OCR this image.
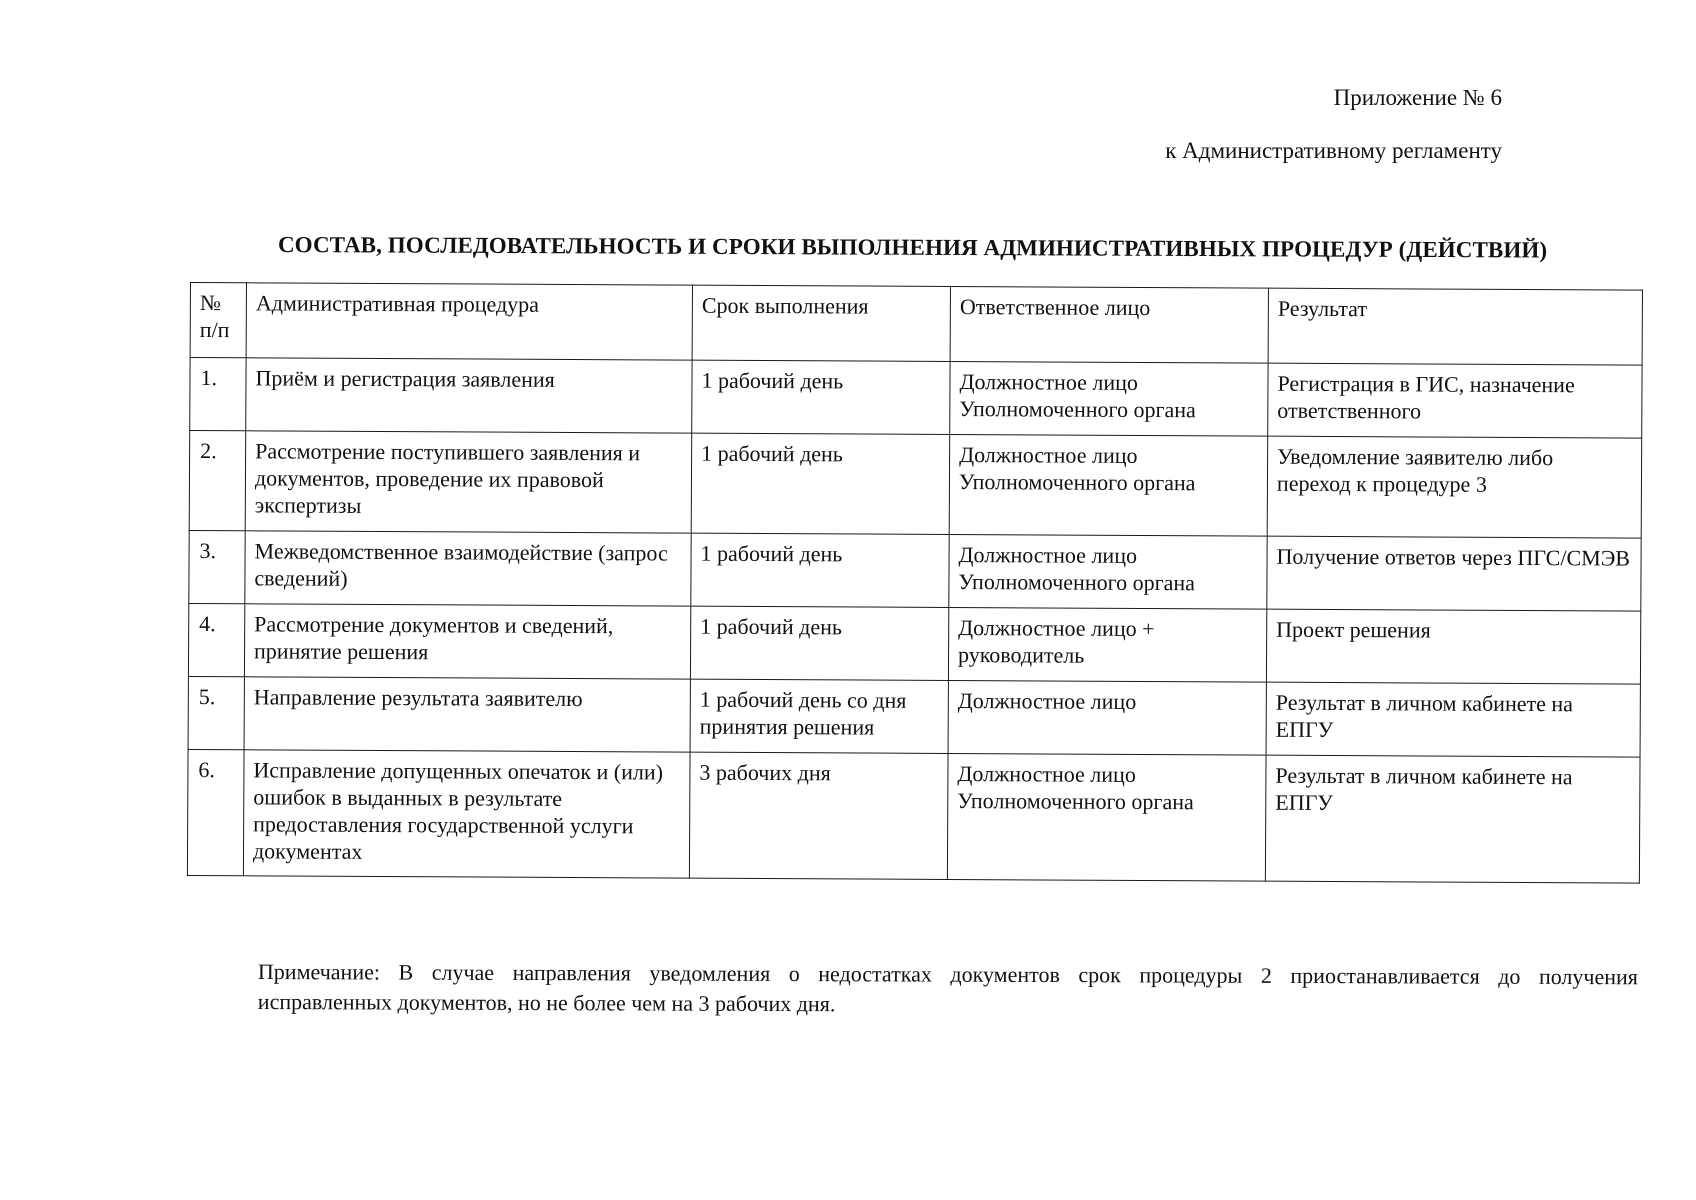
Приложение № 6
к Административному регламенту
СОСТАВ, ПОСЛЕДОВАТЕЛЬНОСТЬ И СРОКИ ВЫПОЛНЕНИЯ АДМИНИСТРАТИВНЫХ ПРОЦЕДУР (ДЕЙСТВИЙ)
№ п/п	Административная процедура	Срок выполнения	Ответственное лицо	Результат
1.	Приём и регистрация заявления	1 рабочий день	Должностное лицо Уполномоченного органа	Регистрация в ГИС, назначение ответственного
2.	Рассмотрение поступившего заявления и документов, проведение их правовой экспертизы	1 рабочий день	Должностное лицо Уполномоченного органа	Уведомление заявителю либо переход к процедуре 3
3.	Межведомственное взаимодействие (запрос сведений)	1 рабочий день	Должностное лицо Уполномоченного органа	Получение ответов через ПГС/СМЭВ
4.	Рассмотрение документов и сведений, принятие решения	1 рабочий день	Должностное лицо + руководитель	Проект решения
5.	Направление результата заявителю	1 рабочий день со дня принятия решения	Должностное лицо	Результат в личном кабинете на ЕПГУ
6.	Исправление допущенных опечаток и (или) ошибок в выданных в результате предоставления государственной услуги документах	3 рабочих дня	Должностное лицо Уполномоченного органа	Результат в личном кабинете на ЕПГУ
Примечание: В случае направления уведомления о недостатках документов срок процедуры 2 приостанавливается до получения
исправленных документов, но не более чем на 3 рабочих дня.
